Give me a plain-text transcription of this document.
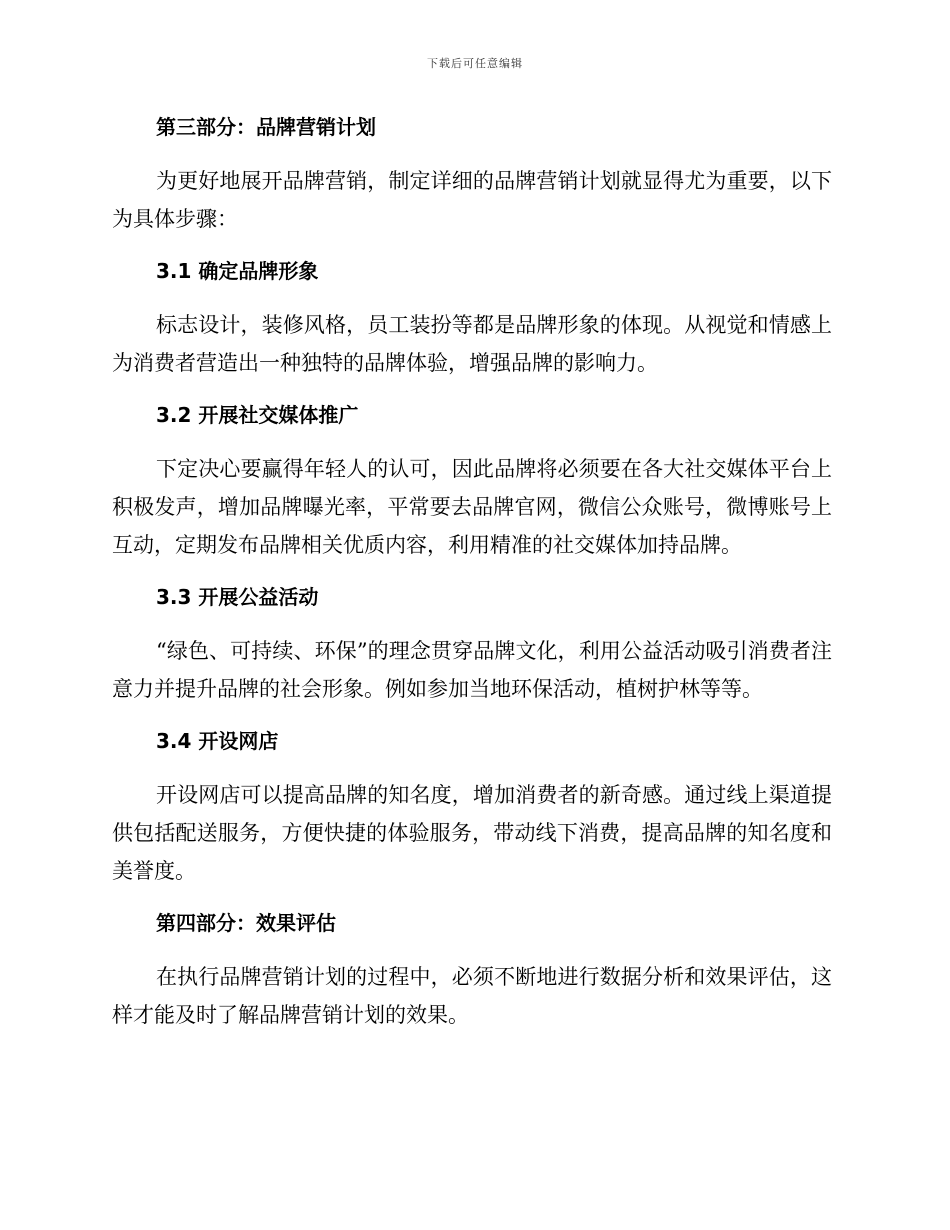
下载后可任意编辑
第三部分：品牌营销计划

为更好地展开品牌营销，制定详细的品牌营销计划就显得尤为重要，以下为具体步骤：

3.1 确定品牌形象

标志设计，装修风格，员工装扮等都是品牌形象的体现。从视觉和情感上为消费者营造出一种独特的品牌体验，增强品牌的影响力。

3.2 开展社交媒体推广

下定决心要赢得年轻人的认可，因此品牌将必须要在各大社交媒体平台上积极发声，增加品牌曝光率，平常要去品牌官网，微信公众账号，微博账号上互动，定期发布品牌相关优质内容，利用精准的社交媒体加持品牌。

3.3 开展公益活动

“绿色、可持续、环保”的理念贯穿品牌文化，利用公益活动吸引消费者注意力并提升品牌的社会形象。例如参加当地环保活动，植树护林等等。

3.4 开设网店

开设网店可以提高品牌的知名度，增加消费者的新奇感。通过线上渠道提供包括配送服务，方便快捷的体验服务，带动线下消费，提高品牌的知名度和美誉度。

第四部分：效果评估

在执行品牌营销计划的过程中，必须不断地进行数据分析和效果评估，这样才能及时了解品牌营销计划的效果。
